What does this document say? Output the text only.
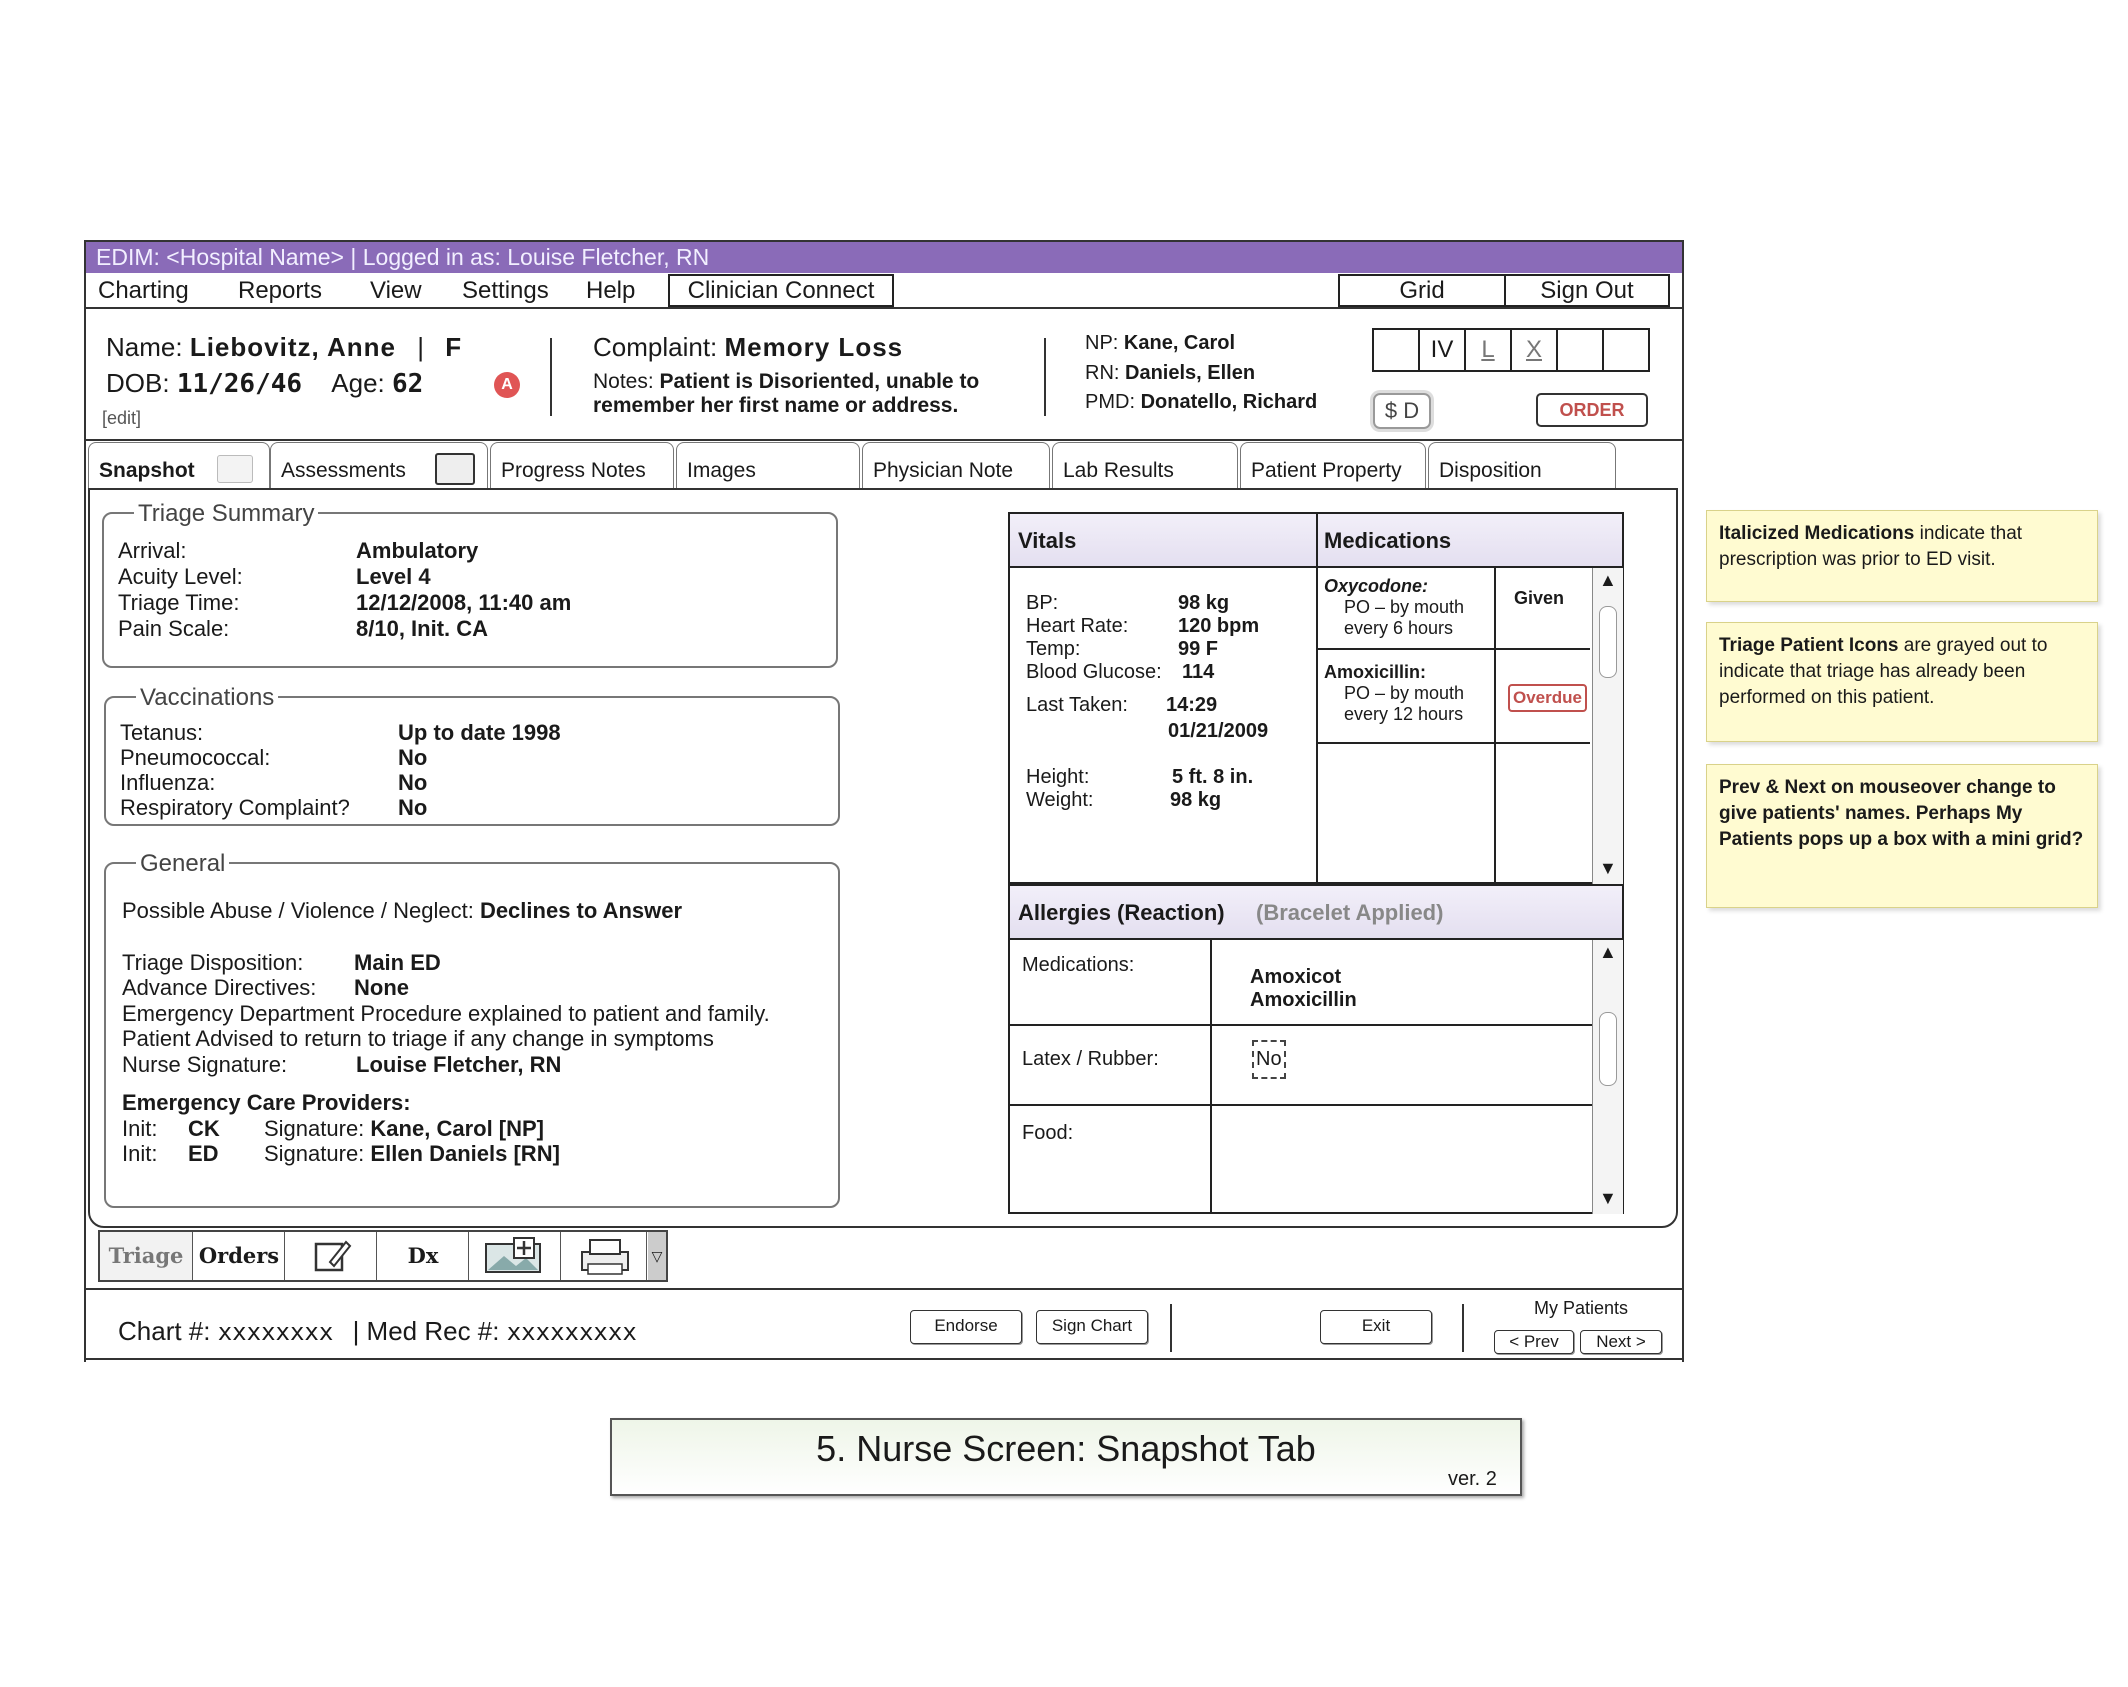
EDIM: <Hospital Name> | Logged in as: Louise Fletcher, RN
Charting Reports View Settings Help	Clinician Connect	Grid	Sign Out
Name: Liebovitz, Anne | F
DOB: 11/26/46 Age: 62	A
[edit]
Complaint: Memory Loss
Notes: Patient is Disoriented, unable to
remember her first name or address.
NP: Kane, Carol
RN: Daniels, Ellen
PMD: Donatello, Richard
IV	L	X
$ D	ORDER
Snapshot	Assessments	Progress Notes	Images	Physician Note	Lab Results	Patient Property	Disposition
Triage Summary
Arrival:	Ambulatory
Acuity Level:	Level 4
Triage Time:	12/12/2008, 11:40 am
Pain Scale:	8/10, Init. CA
Vaccinations
Tetanus:	Up to date 1998
Pneumococcal:	No
Influenza:	No
Respiratory Complaint? No
General
Possible Abuse / Violence / Neglect: Declines to Answer
Triage Disposition: Main ED
Advance Directives: None
Emergency Department Procedure explained to patient and family.
Patient Advised to return to triage if any change in symptoms
Nurse Signature:	Louise Fletcher, RN
Emergency Care Providers:
Init: CK Signature: Kane, Carol [NP]
Init: ED Signature: Ellen Daniels [RN]
Vitals	Medications
BP:	98 kg
Heart Rate: 120 bpm
Temp:	99 F
Blood Glucose: 114
Last Taken: 14:29
01/21/2009
Height:	5 ft. 8 in.
Weight:	98 kg
Oxycodone:
PO – by mouth
every 6 hours
Given
Amoxicillin:
PO – by mouth
every 12 hours
Overdue
▲
▼
Allergies (Reaction) (Bracelet Applied)
Medications:
Amoxicot
Amoxicillin
Latex / Rubber:	No
Food:
▲
▼
Triage Orders	Dx	▽
Chart #: xxxxxxxx | Med Rec #: xxxxxxxxx	Endorse	Sign Chart	Exit
My Patients
< Prev	Next >
Italicized Medications indicate that prescription was prior to ED visit.
Triage Patient Icons are grayed out to indicate that triage has already been performed on this patient.
Prev & Next on mouseover change to give patients' names. Perhaps My Patients pops up a box with a mini grid?
5. Nurse Screen: Snapshot Tab
ver. 2
